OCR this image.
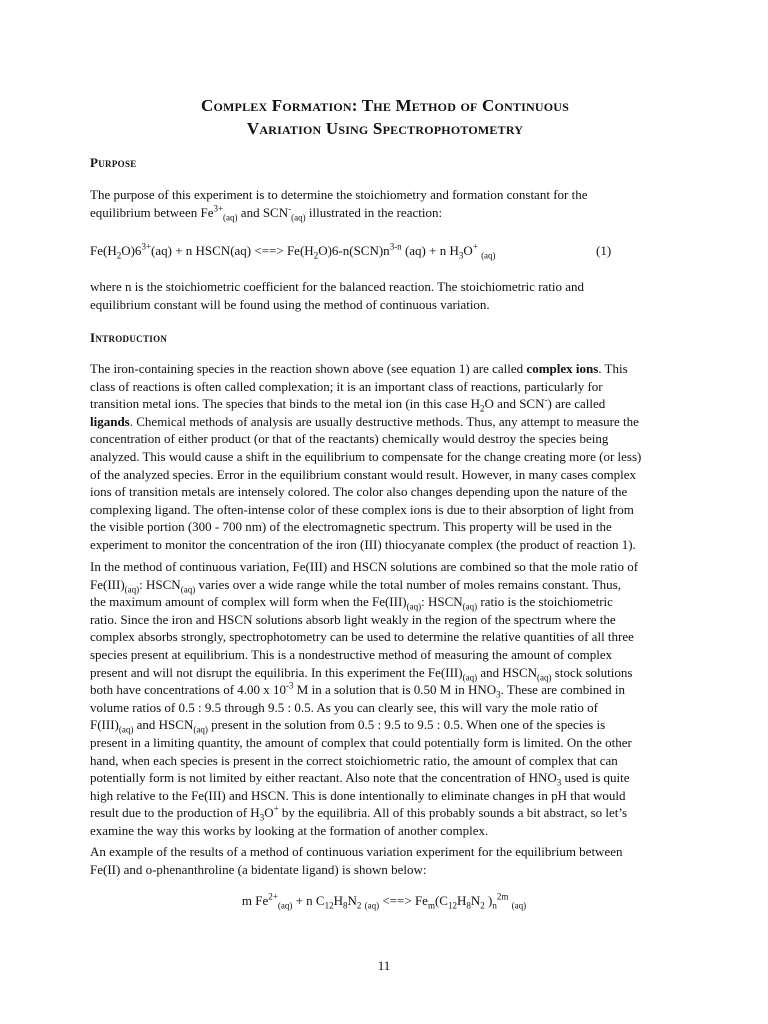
Complex Formation: The Method of Continuous
Variation Using Spectrophotometry
Purpose

The purpose of this experiment is to determine the stoichiometry and formation constant for the
equilibrium between $Fe^{3+}_{(aq)}$ and $SCN^-_{(aq)}$ illustrated in the reaction:

$Fe(H_2O)6^{3+}(aq) + n$ HSCN(aq) <==> $Fe(H_2O)6-n(SCN)n^{3-n}$ (aq) + n $H_3O^+$ $_{(aq)}$	(1)

where n is the stoichiometric coefficient for the balanced reaction. The stoichiometric ratio and
equilibrium constant will be found using the method of continuous variation.

Introduction

The iron-containing species in the reaction shown above (see equation 1) are called complex ions. This
class of reactions is often called complexation; it is an important class of reactions, particularly for
transition metal ions. The species that binds to the metal ion (in this case $H_2O$ and SCN-) are called
ligands. Chemical methods of analysis are usually destructive methods. Thus, any attempt to measure the
concentration of either product (or that of the reactants) chemically would destroy the species being
analyzed. This would cause a shift in the equilibrium to compensate for the change creating more (or less)
of the analyzed species. Error in the equilibrium constant would result. However, in many cases complex
ions of transition metals are intensely colored. The color also changes depending upon the nature of the
complexing ligand. The often-intense color of these complex ions is due to their absorption of light from
the visible portion (300 - 700 nm) of the electromagnetic spectrum. This property will be used in the
experiment to monitor the concentration of the iron (III) thiocyanate complex (the product of reaction 1).

In the method of continuous variation, Fe(III) and HSCN solutions are combined so that the mole ratio of
$Fe(III)_{(aq)}$: $HSCN_{(aq)}$ varies over a wide range while the total number of moles remains constant. Thus,
the maximum amount of complex will form when the $Fe(III)_{(aq)}$: $HSCN_{(aq)}$ ratio is the stoichiometric
ratio. Since the iron and HSCN solutions absorb light weakly in the region of the spectrum where the
complex absorbs strongly, spectrophotometry can be used to determine the relative quantities of all three
species present at equilibrium. This is a nondestructive method of measuring the amount of complex
present and will not disrupt the equilibria. In this experiment the $Fe(III)_{(aq)}$ and $HSCN_{(aq)}$ stock solutions
both have concentrations of 4.00 x $10^{-3}$ M in a solution that is 0.50 M in $HNO_3$. These are combined in
volume ratios of 0.5 : 9.5 through 9.5 : 0.5. As you can clearly see, this will vary the mole ratio of
$F(III)_{(aq)}$ and $HSCN_{(aq)}$ present in the solution from 0.5 : 9.5 to 9.5 : 0.5. When one of the species is
present in a limiting quantity, the amount of complex that could potentially form is limited. On the other
hand, when each species is present in the correct stoichiometric ratio, the amount of complex that can
potentially form is not limited by either reactant. Also note that the concentration of $HNO_3$ used is quite
high relative to the Fe(III) and HSCN. This is done intentionally to eliminate changes in pH that would
result due to the production of $H_3O^+$ by the equilibria. All of this probably sounds a bit abstract, so let’s
examine the way this works by looking at the formation of another complex.

An example of the results of a method of continuous variation experiment for the equilibrium between
Fe(II) and o-phenanthroline (a bidentate ligand) is shown below:

m $Fe^{2+}_{(aq)} + n$ $C_{12}H_8N_2$ $_{(aq)}$ <==> $Fe_m(C_{12}H_8N_2$ )$_n^{2m}$ $_{(aq)}$
11
